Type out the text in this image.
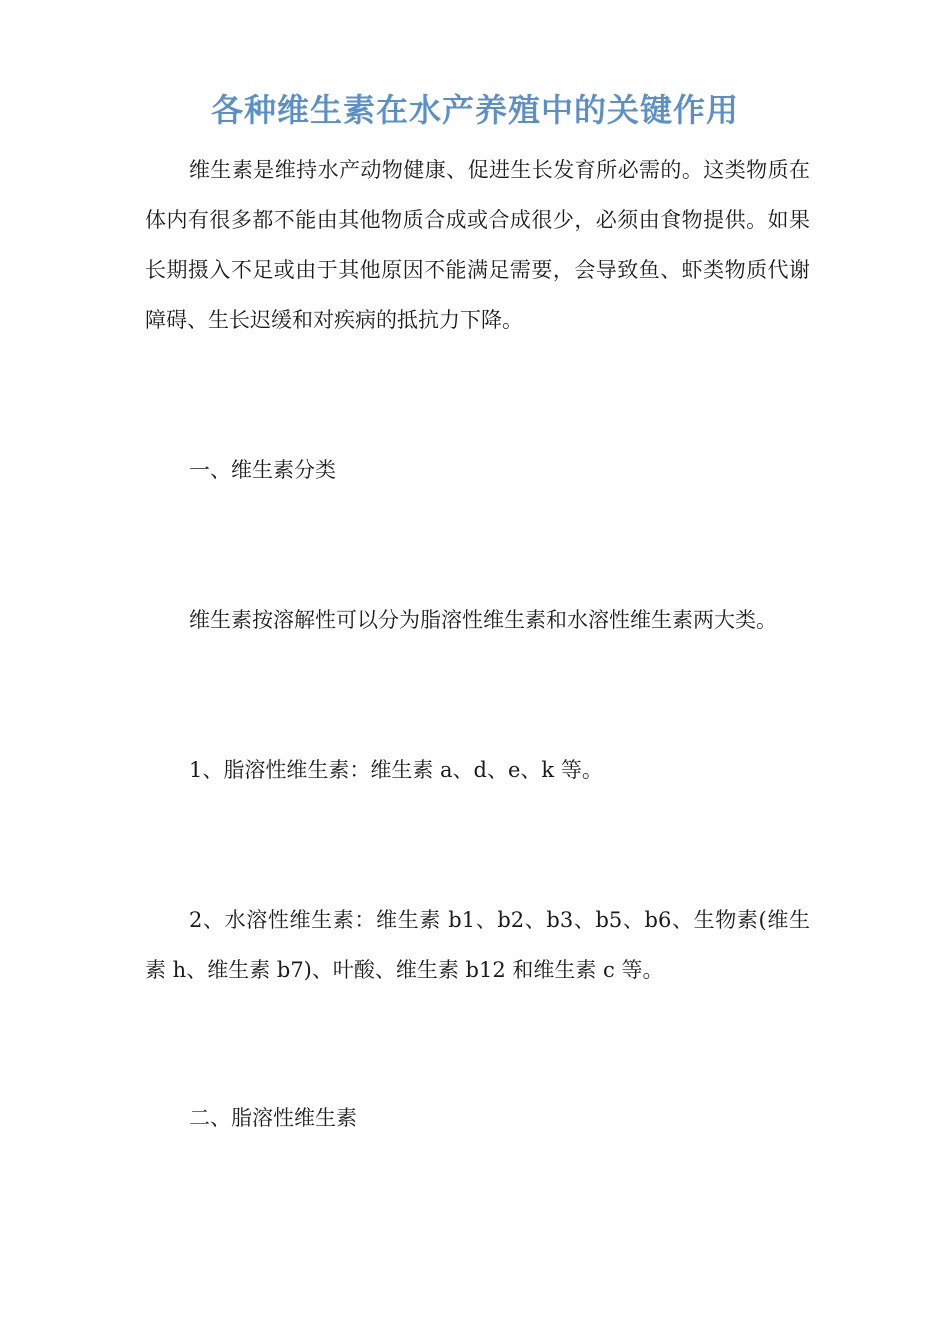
各种维生素在水产养殖中的关键作用

维生素是维持水产动物健康、促进生长发育所必需的。这类物质在体内有很多都不能由其他物质合成或合成很少，必须由食物提供。如果长期摄入不足或由于其他原因不能满足需要，会导致鱼、虾类物质代谢障碍、生长迟缓和对疾病的抵抗力下降。

一、维生素分类

维生素按溶解性可以分为脂溶性维生素和水溶性维生素两大类。

1、脂溶性维生素：维生素 a、d、e、k 等。

2、水溶性维生素：维生素 b1、b2、b3、b5、b6、生物素(维生素 h、维生素 b7)、叶酸、维生素 b12 和维生素 c 等。

二、脂溶性维生素
